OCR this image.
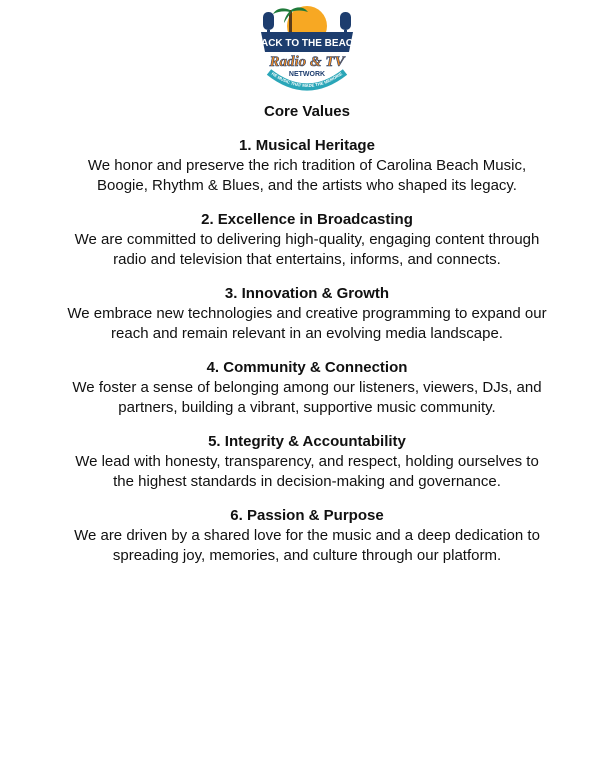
BACK TO THE BEACH
Radio & TV
NETWORK
HE MUSIC THAT MADE THE MEMORIE
Core Values
1. Musical Heritage
We honor and preserve the rich tradition of Carolina Beach Music, Boogie, Rhythm & Blues, and the artists who shaped its legacy.
2. Excellence in Broadcasting
We are committed to delivering high-quality, engaging content through radio and television that entertains, informs, and connects.
3. Innovation & Growth
We embrace new technologies and creative programming to expand our reach and remain relevant in an evolving media landscape.
4. Community & Connection
We foster a sense of belonging among our listeners, viewers, DJs, and partners, building a vibrant, supportive music community.
5. Integrity & Accountability
We lead with honesty, transparency, and respect, holding ourselves to the highest standards in decision-making and governance.
6. Passion & Purpose
We are driven by a shared love for the music and a deep dedication to spreading joy, memories, and culture through our platform.
